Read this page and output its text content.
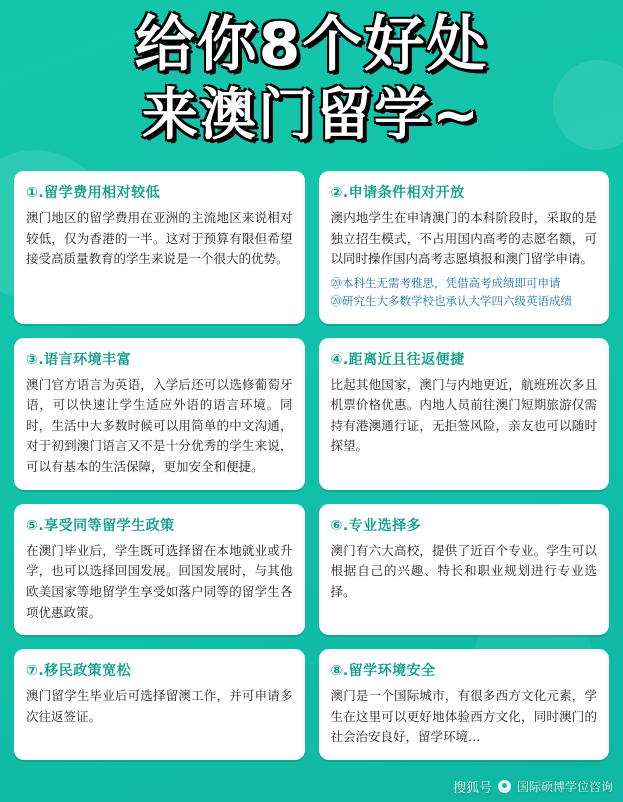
给你8个好处
来澳门留学~
①.留学费用相对较低
澳门地区的留学费用在亚洲的主流地区来说相对较低，仅为香港的一半。这对于预算有限但希望接受高质量教育的学生来说是一个很大的优势。
②.申请条件相对开放
澳内地学生在申请澳门的本科阶段时，采取的是独立招生模式，不占用国内高考的志愿名额，可以同时操作国内高考志愿填报和澳门留学申请。
⑳本科生无需考雅思，凭借高考成绩即可申请
⑳研究生大多数学校也承认大学四六级英语成绩
③.语言环境丰富
澳门官方语言为英语，入学后还可以选修葡萄牙语，可以快速让学生适应外语的语言环境。同时，生活中大多数时候可以用简单的中文沟通，对于初到澳门语言又不是十分优秀的学生来说，可以有基本的生活保障，更加安全和便捷。
④.距离近且往返便捷
比起其他国家，澳门与内地更近，航班班次多且机票价格优惠。内地人员前往澳门短期旅游仅需持有港澳通行证，无拒签风险，亲友也可以随时探望。
⑤.享受同等留学生政策
在澳门毕业后，学生既可选择留在本地就业或升学，也可以选择回国发展。回国发展时，与其他欧美国家等地留学生享受如落户同等的留学生各项优惠政策。
⑥.专业选择多
澳门有六大高校，提供了近百个专业。学生可以根据自己的兴趣、特长和职业规划进行专业选择。
⑦.移民政策宽松
澳门留学生毕业后可选择留澳工作，并可申请多次往返签证。
⑧.留学环境安全
澳门是一个国际城市，有很多西方文化元素，学生在这里可以更好地体验西方文化，同时澳门的社会治安良好，留学环境…
搜狐号 国际硕博学位咨询
